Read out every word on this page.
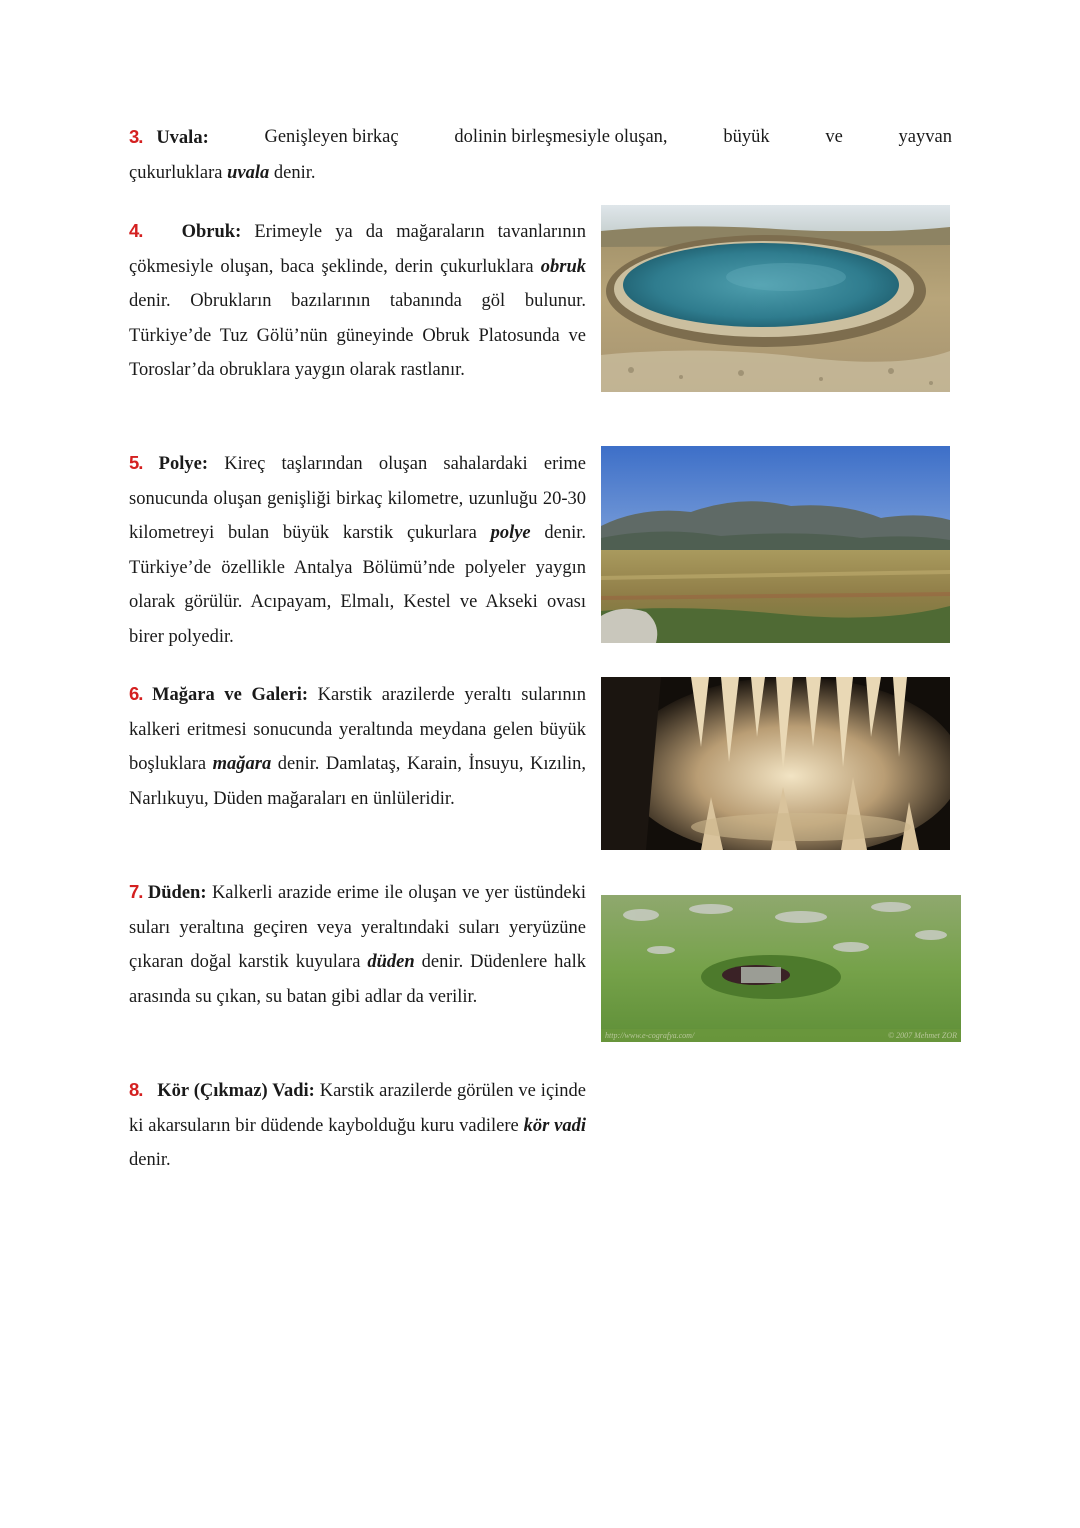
3. Uvala:	Genişleyen birkaç	dolinin birleşmesiyle oluşan,	büyük	ve	yayvan
çukurluklara uvala denir.
4. Obruk: Erimeyle ya da mağaraların tavanlarının çökmesiyle oluşan, baca şeklinde, derin çukurluklara obruk denir. Obrukların bazılarının tabanında göl bulunur. Türkiye’de Tuz Gölü’nün güneyinde Obruk Platosunda ve Toroslar’da obruklara yaygın olarak rastlanır.
5. Polye: Kireç taşlarından oluşan sahalardaki erime sonucunda oluşan genişliği birkaç kilometre, uzunluğu 20-30 kilometreyi bulan büyük karstik çukurlara polye denir. Türkiye’de özellikle Antalya Bölümü’nde polyeler yaygın olarak görülür. Acıpayam, Elmalı, Kestel ve Akseki ovası birer polyedir.
6. Mağara ve Galeri: Karstik arazilerde yeraltı sularının kalkeri eritmesi sonucunda yeraltında meydana gelen büyük boşluklara mağara denir. Damlataş, Karain, İnsuyu, Kızılin, Narlıkuyu, Düden mağaraları en ünlüleridir.
7. Düden: Kalkerli arazide erime ile oluşan ve yer üstündeki suları yeraltına geçiren veya yeraltındaki suları yeryüzüne çıkaran doğal karstik kuyulara düden denir. Düdenlere halk arasında su çıkan, su batan gibi adlar da verilir.
8. Kör (Çıkmaz) Vadi: Karstik arazilerde görülen ve içinde ki akarsuların bir düdende kaybolduğu kuru vadilere kör vadi denir.
http://www.e-cografya.com/	© 2007 Mehmet ZOR
